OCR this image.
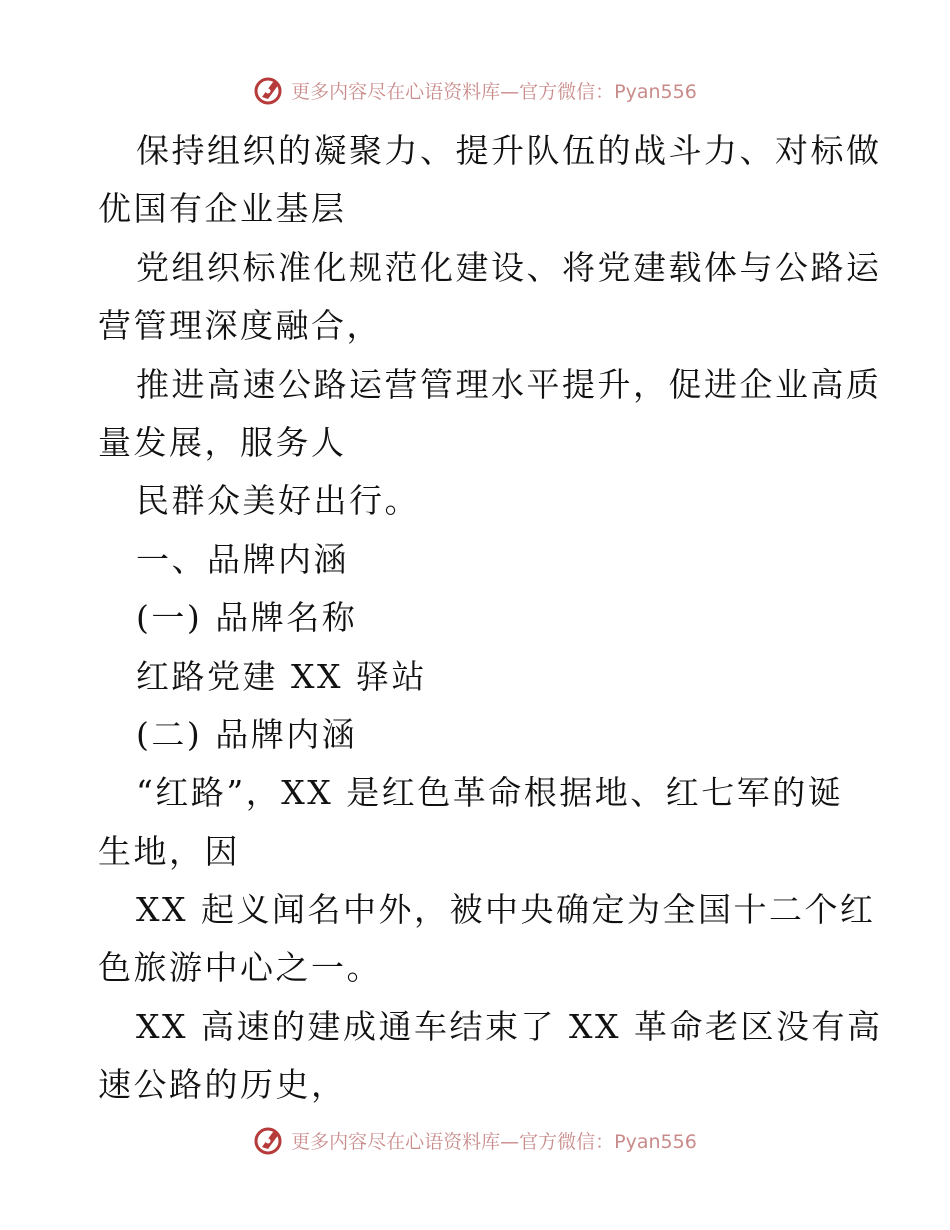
更多内容尽在心语资料库—官方微信：Pyan556
保持组织的凝聚力、提升队伍的战斗力、对标做
优国有企业基层
党组织标准化规范化建设、将党建载体与公路运
营管理深度融合，
推进高速公路运营管理水平提升，促进企业高质
量发展，服务人
民群众美好出行。
一、品牌内涵
(一) 品牌名称
红路党建 XX 驿站
(二) 品牌内涵
“红路”，XX 是红色革命根据地、红七军的诞
生地，因
XX 起义闻名中外，被中央确定为全国十二个红
色旅游中心之一。
XX 高速的建成通车结束了 XX 革命老区没有高
速公路的历史，
更多内容尽在心语资料库—官方微信：Pyan556
